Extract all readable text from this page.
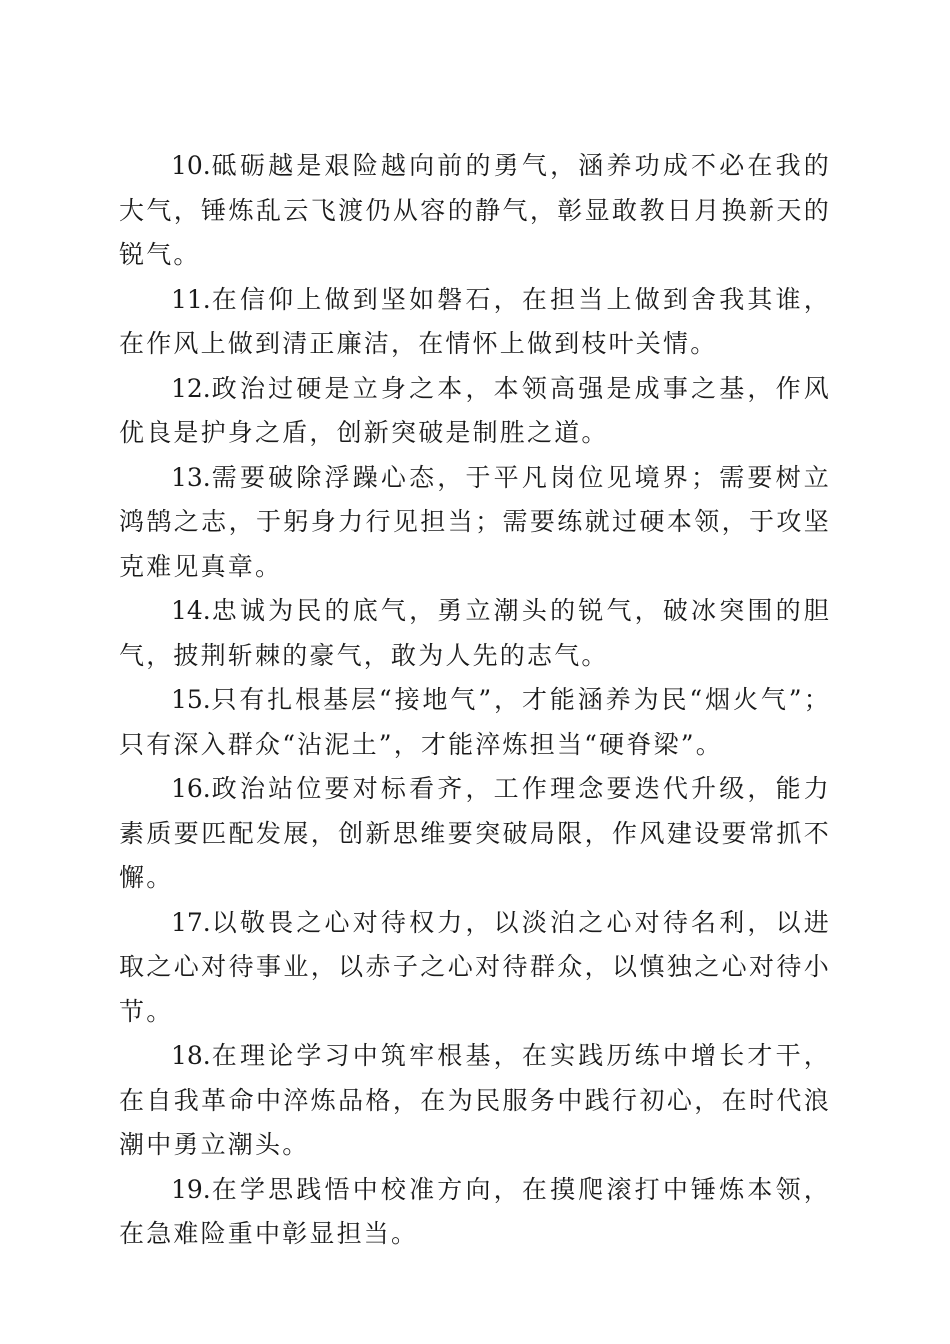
10.砥砺越是艰险越向前的勇气，涵养功成不必在我的大气，锤炼乱云飞渡仍从容的静气，彰显敢教日月换新天的锐气。

11.在信仰上做到坚如磐石，在担当上做到舍我其谁，在作风上做到清正廉洁，在情怀上做到枝叶关情。

12.政治过硬是立身之本，本领高强是成事之基，作风优良是护身之盾，创新突破是制胜之道。

13.需要破除浮躁心态，于平凡岗位见境界；需要树立鸿鹄之志，于躬身力行见担当；需要练就过硬本领，于攻坚克难见真章。

14.忠诚为民的底气，勇立潮头的锐气，破冰突围的胆气，披荆斩棘的豪气，敢为人先的志气。

15.只有扎根基层“接地气”，才能涵养为民“烟火气”；只有深入群众“沾泥土”，才能淬炼担当“硬脊梁”。

16.政治站位要对标看齐，工作理念要迭代升级，能力素质要匹配发展，创新思维要突破局限，作风建设要常抓不懈。

17.以敬畏之心对待权力，以淡泊之心对待名利，以进取之心对待事业，以赤子之心对待群众，以慎独之心对待小节。

18.在理论学习中筑牢根基，在实践历练中增长才干，在自我革命中淬炼品格，在为民服务中践行初心，在时代浪潮中勇立潮头。

19.在学思践悟中校准方向，在摸爬滚打中锤炼本领，在急难险重中彰显担当。
